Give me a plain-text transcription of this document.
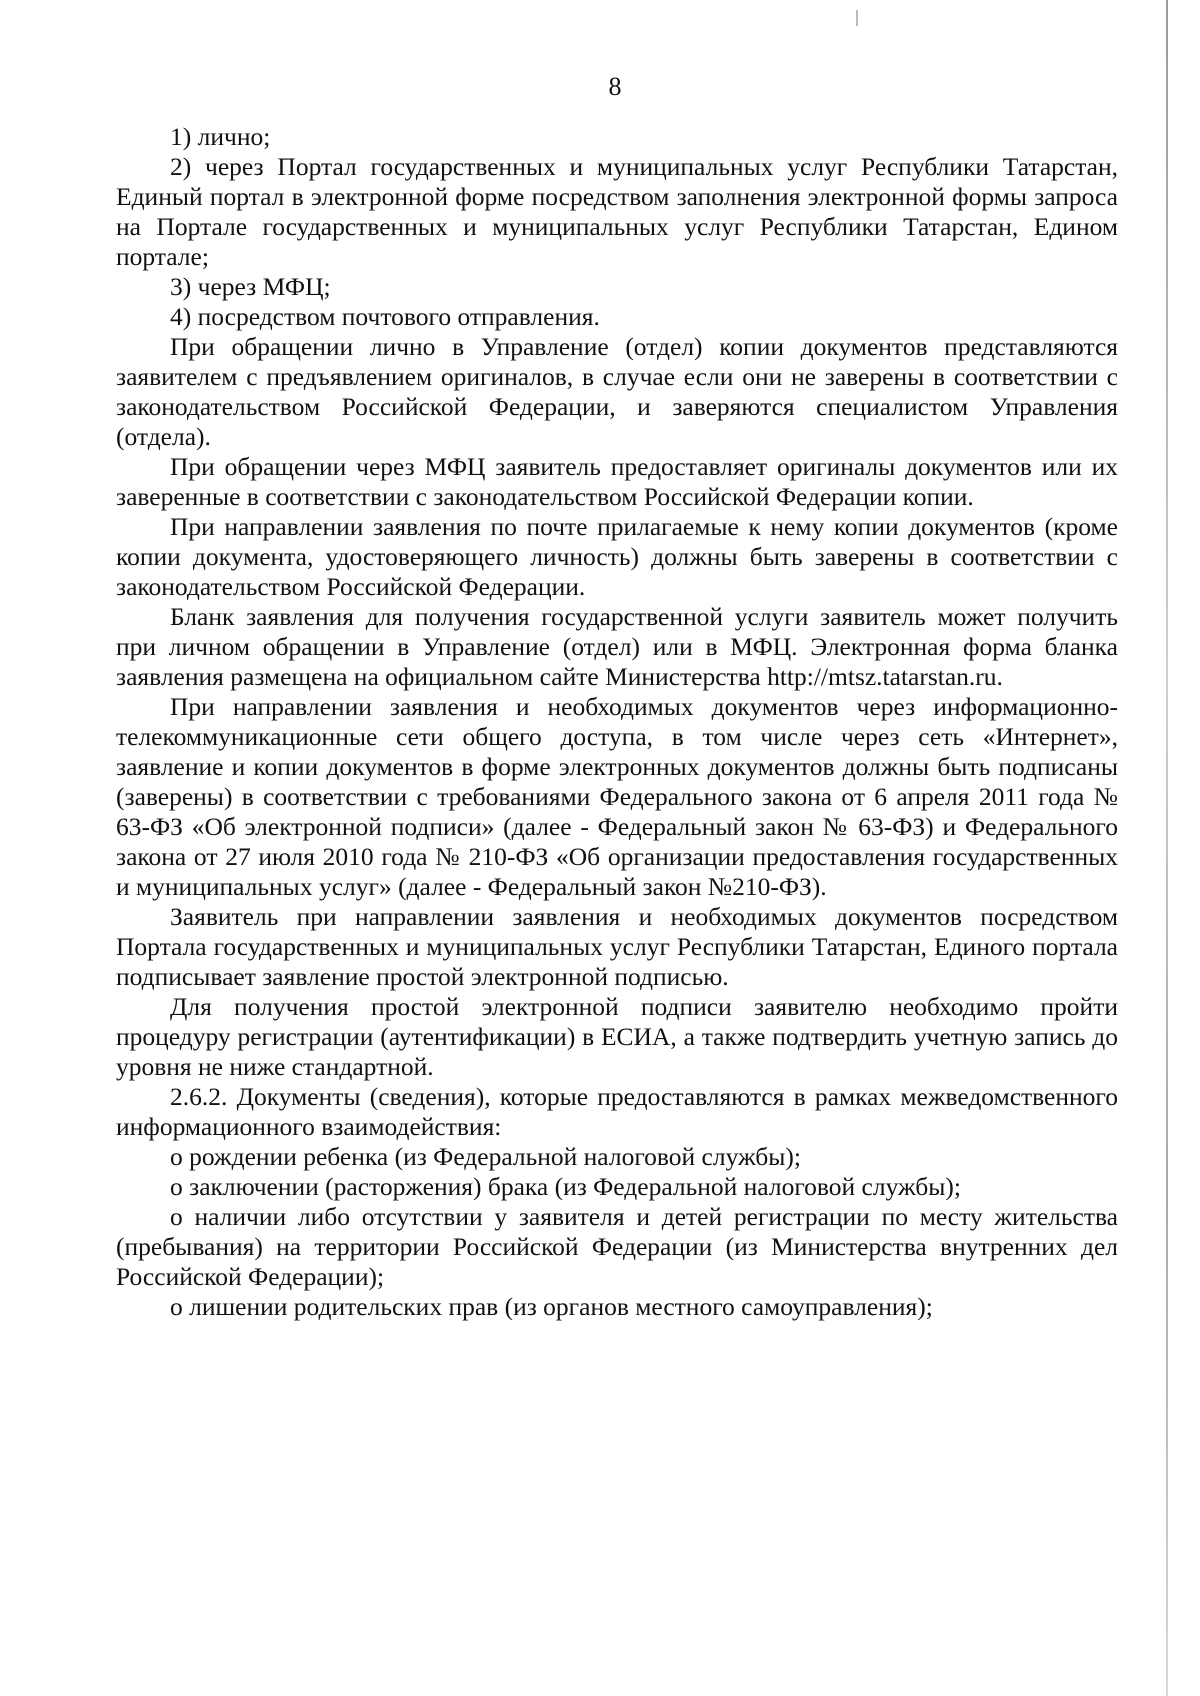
8

1) лично;

2) через Портал государственных и муниципальных услуг Республики Татарстан, Единый портал в электронной форме посредством заполнения электронной формы запроса на Портале государственных и муниципальных услуг Республики Татарстан, Едином портале;

3) через МФЦ;

4) посредством почтового отправления.

При обращении лично в Управление (отдел) копии документов представляются заявителем с предъявлением оригиналов, в случае если они не заверены в соответствии с законодательством Российской Федерации, и заверяются специалистом Управления (отдела).

При обращении через МФЦ заявитель предоставляет оригиналы документов или их заверенные в соответствии с законодательством Российской Федерации копии.

При направлении заявления по почте прилагаемые к нему копии документов (кроме копии документа, удостоверяющего личность) должны быть заверены в соответствии с законодательством Российской Федерации.

Бланк заявления для получения государственной услуги заявитель может получить при личном обращении в Управление (отдел) или в МФЦ. Электронная форма бланка заявления размещена на официальном сайте Министерства http://mtsz.tatarstan.ru.

При направлении заявления и необходимых документов через информационно-телекоммуникационные сети общего доступа, в том числе через сеть «Интернет», заявление и копии документов в форме электронных документов должны быть подписаны (заверены) в соответствии с требованиями Федерального закона от 6 апреля 2011 года № 63-ФЗ «Об электронной подписи» (далее - Федеральный закон № 63-ФЗ) и Федерального закона от 27 июля 2010 года № 210-ФЗ «Об организации предоставления государственных и муниципальных услуг» (далее - Федеральный закон №210-ФЗ).

Заявитель при направлении заявления и необходимых документов посредством Портала государственных и муниципальных услуг Республики Татарстан, Единого портала подписывает заявление простой электронной подписью.

Для получения простой электронной подписи заявителю необходимо пройти процедуру регистрации (аутентификации) в ЕСИА, а также подтвердить учетную запись до уровня не ниже стандартной.

2.6.2. Документы (сведения), которые предоставляются в рамках межведомственного информационного взаимодействия:

о рождении ребенка (из Федеральной налоговой службы);

о заключении (расторжения) брака (из Федеральной налоговой службы);

о наличии либо отсутствии у заявителя и детей регистрации по месту жительства (пребывания) на территории Российской Федерации (из Министерства внутренних дел Российской Федерации);

о лишении родительских прав (из органов местного самоуправления);
